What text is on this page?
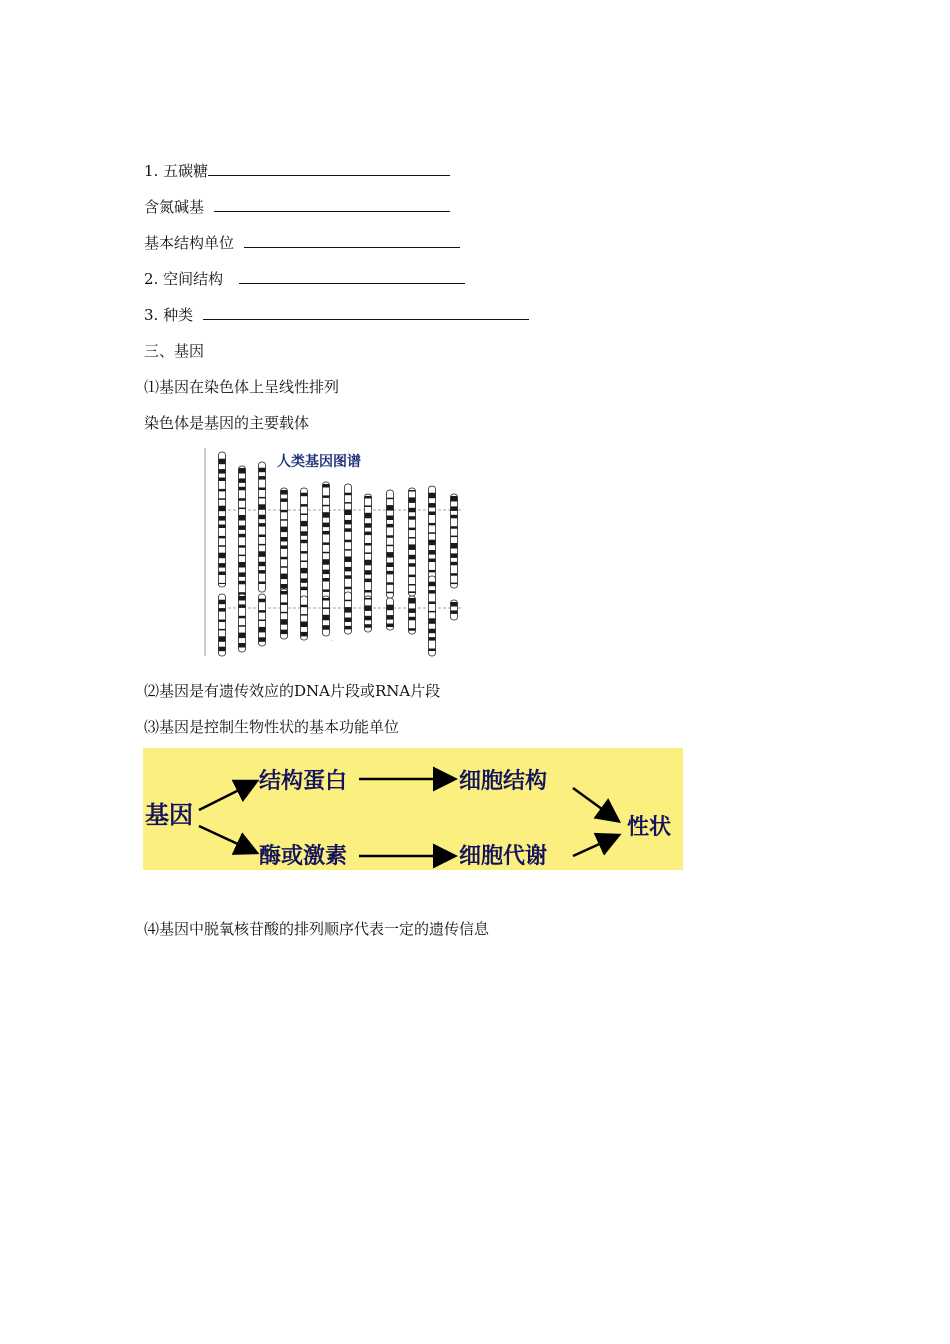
1. 五碳糖
含氮碱基
基本结构单位
2. 空间结构
3. 种类
三、基因
⑴基因在染色体上呈线性排列
染色体是基因的主要载体
人类基因图谱
·
⑵基因是有遗传效应的DNA片段或RNA片段
⑶基因是控制生物性状的基本功能单位
基因
结构蛋白
酶或激素
细胞结构
细胞代谢
性状
⑷基因中脱氧核苷酸的排列顺序代表一定的遗传信息
